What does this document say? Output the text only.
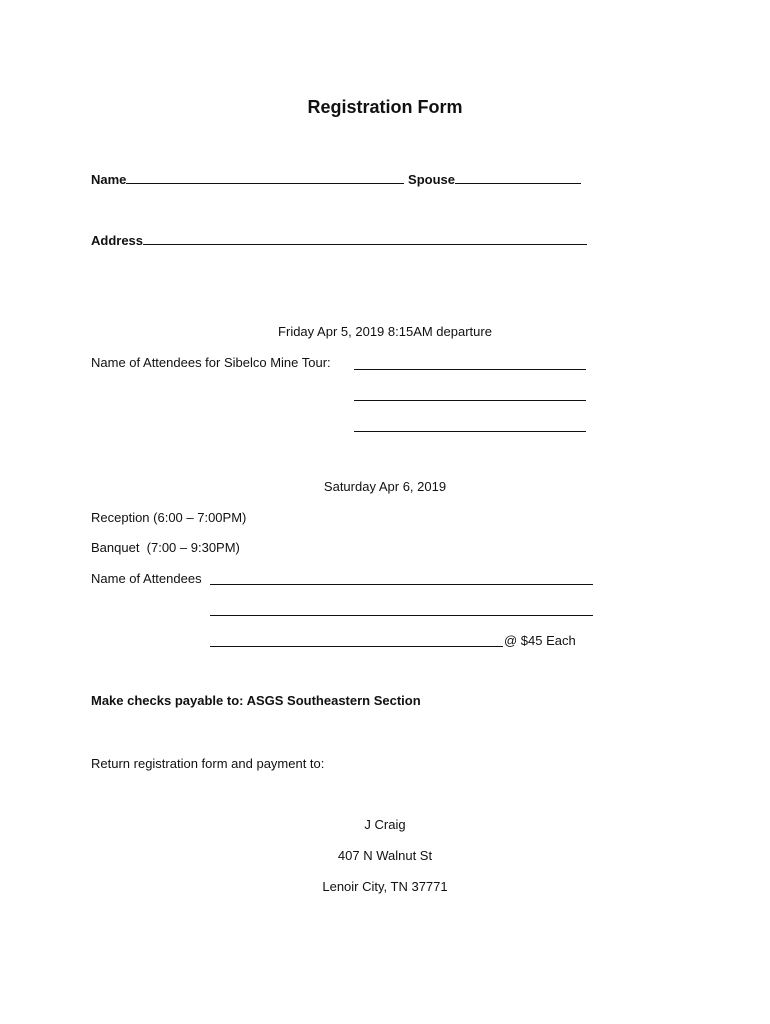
Registration Form
Name	Spouse
Address
Friday Apr 5, 2019 8:15AM departure
Name of Attendees for Sibelco Mine Tour:
Saturday Apr 6, 2019
Reception (6:00 – 7:00PM)
Banquet  (7:00 – 9:30PM)
Name of Attendees
@ $45 Each
Make checks payable to: ASGS Southeastern Section
Return registration form and payment to:
J Craig
407 N Walnut St
Lenoir City, TN 37771
